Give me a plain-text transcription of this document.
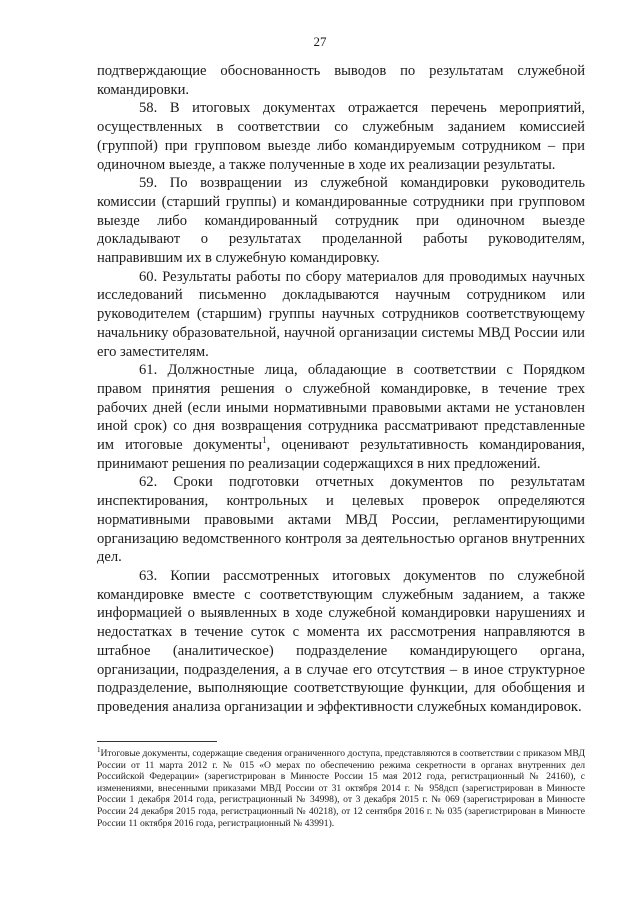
27

подтверждающие обоснованность выводов по результатам служебной командировки.

58. В итоговых документах отражается перечень мероприятий, осуществленных в соответствии со служебным заданием комиссией (группой) при групповом выезде либо командируемым сотрудником – при одиночном выезде, а также полученные в ходе их реализации результаты.

59. По возвращении из служебной командировки руководитель комиссии (старший группы) и командированные сотрудники при групповом выезде либо командированный сотрудник при одиночном выезде докладывают о результатах проделанной работы руководителям, направившим их в служебную командировку.

60. Результаты работы по сбору материалов для проводимых научных исследований письменно докладываются научным сотрудником или руководителем (старшим) группы научных сотрудников соответствующему начальнику образовательной, научной организации системы МВД России или его заместителям.

61. Должностные лица, обладающие в соответствии с Порядком правом принятия решения о служебной командировке, в течение трех рабочих дней (если иными нормативными правовыми актами не установлен иной срок) со дня возвращения сотрудника рассматривают представленные им итоговые документы$^1$, оценивают результативность командирования, принимают решения по реализации содержащихся в них предложений.

62. Сроки подготовки отчетных документов по результатам инспектирования, контрольных и целевых проверок определяются нормативными правовыми актами МВД России, регламентирующими организацию ведомственного контроля за деятельностью органов внутренних дел.

63. Копии рассмотренных итоговых документов по служебной командировке вместе с соответствующим служебным заданием, а также информацией о выявленных в ходе служебной командировки нарушениях и недостатках в течение суток с момента их рассмотрения направляются в штабное (аналитическое) подразделение командирующего органа, организации, подразделения, а в случае его отсутствия – в иное структурное подразделение, выполняющие соответствующие функции, для обобщения и проведения анализа организации и эффективности служебных командировок.

$^1$Итоговые документы, содержащие сведения ограниченного доступа, представляются в соответствии с приказом МВД России от 11 марта 2012 г. № 015 «О мерах по обеспечению режима секретности в органах внутренних дел Российской Федерации» (зарегистрирован в Минюсте России 15 мая 2012 года, регистрационный № 24160), с изменениями, внесенными приказами МВД России от 31 октября 2014 г. № 958дсп (зарегистрирован в Минюсте России 1 декабря 2014 года, регистрационный № 34998), от 3 декабря 2015 г. № 069 (зарегистрирован в Минюсте России 24 декабря 2015 года, регистрационный № 40218), от 12 сентября 2016 г. № 035 (зарегистрирован в Минюсте России 11 октября 2016 года, регистрационный № 43991).
